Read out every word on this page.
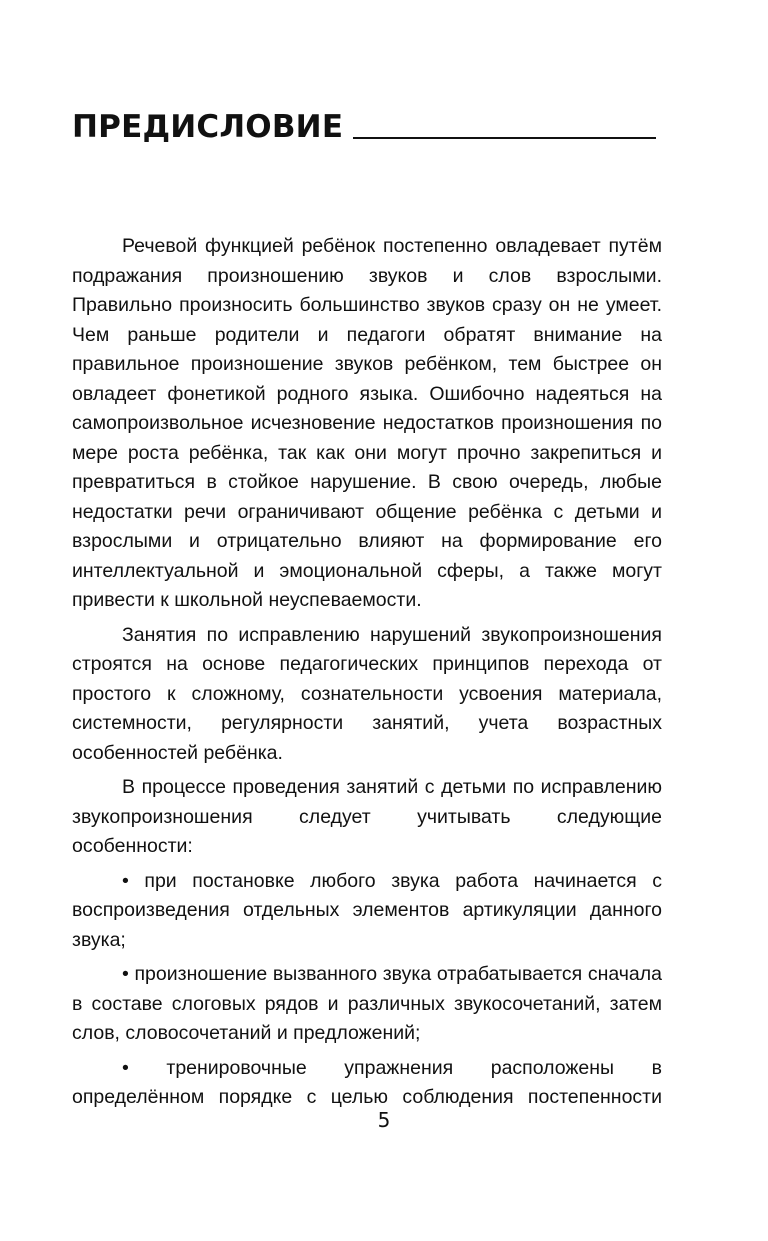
ПРЕДИСЛОВИЕ

Речевой функцией ребёнок постепенно овладевает путём подражания произношению звуков и слов взрослыми. Правильно произносить большинство звуков сразу он не умеет. Чем раньше родители и педагоги обратят внимание на правильное произношение звуков ребёнком, тем быстрее он овладеет фонетикой родного языка. Ошибочно надеяться на самопроизвольное исчезновение недостатков произношения по мере роста ребёнка, так как они могут прочно закрепиться и превратиться в стойкое нарушение. В свою очередь, любые недостатки речи ограничивают общение ребёнка с детьми и взрослыми и отрицательно влияют на формирование его интеллектуальной и эмоциональной сферы, а также могут привести к школьной неуспеваемости.

Занятия по исправлению нарушений звукопроизношения строятся на основе педагогических принципов перехода от простого к сложному, сознательности усвоения материала, системности, регулярности занятий, учета возрастных особенностей ребёнка.

В процессе проведения занятий с детьми по исправлению звукопроизношения следует учитывать следующие особенности:

• при постановке любого звука работа начинается с воспроизведения отдельных элементов артикуляции данного звука;

• произношение вызванного звука отрабатывается сначала в составе слоговых рядов и различных звукосочетаний, затем слов, словосочетаний и предложений;

• тренировочные упражнения расположены в определённом порядке с целью соблюдения постепенности

5
